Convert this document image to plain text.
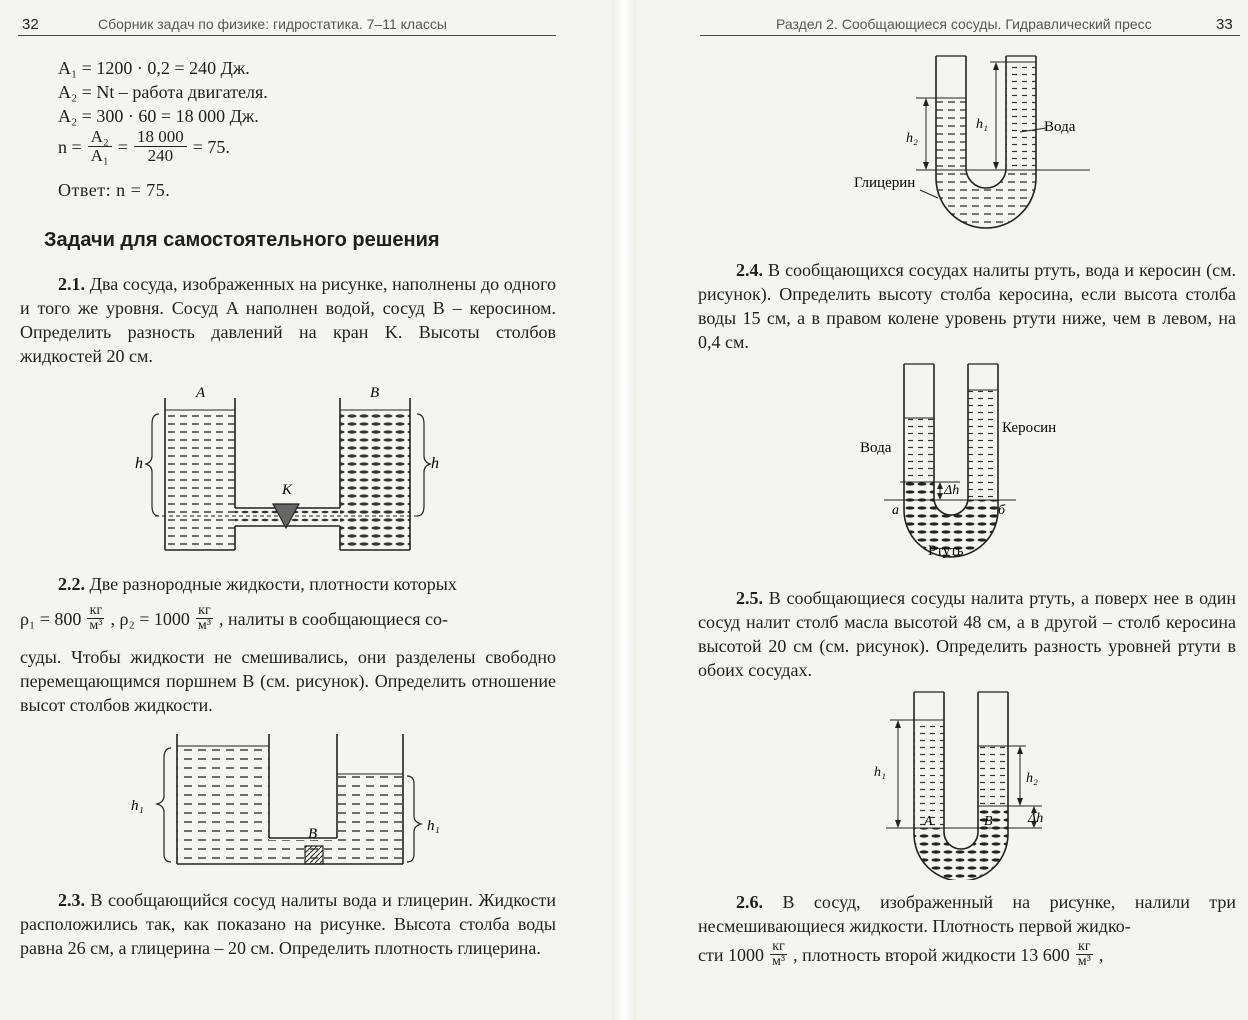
32	Сборник задач по физике: гидростатика. 7–11 классы
A₁ = 1200 · 0,2 = 240 Дж.
A₂ = Nt – работа двигателя.
A₂ = 300 · 60 = 18 000 Дж.
$n = \frac{\text{A₂}}{\text{A₁}} = \frac{18 000}{240} = 75$.
Ответ: n = 75.
Задачи для самостоятельного решения
2.1. Два сосуда, изображенных на рисунке, наполнены до одного и того же уровня. Сосуд A наполнен водой, сосуд B – керосином. Определить разность давлений на кран K. Высоты столбов жидкостей 20 см.
A	B
K
h	h
2.2. Две разнородные жидкости, плотности которых
ρ₁ = 800 кг
м³ , ρ₂ = 1000 кг
м³ , налиты в сообщающиеся со-
суды. Чтобы жидкости не смешивались, они разделены свободно перемещающимся поршнем B (см. рисунок). Определить отношение высот столбов жидкости.
h₁
h₁
B
2.3. В сообщающийся сосуд налиты вода и глицерин. Жидкости расположились так, как показано на рисунке. Высота столба воды равна 26 см, а глицерина – 20 см. Определить плотность глицерина.
Раздел 2. Сообщающиеся сосуды. Гидравлический пресс	33
h₂
h₁	Вода
Глицерин
2.4. В сообщающихся сосудах налиты ртуть, вода и керосин (см. рисунок). Определить высоту столба керосина, если высота столба воды 15 см, а в правом колене уровень ртути ниже, чем в левом, на 0,4 см.
Вода
Керосин
Δh
а	б
Ртуть
2.5. В сообщающиеся сосуды налита ртуть, а поверх нее в один сосуд налит столб масла высотой 48 см, а в другой – столб керосина высотой 20 см (см. рисунок). Определить разность уровней ртути в обоих сосудах.
h₁	h₂
Δh
A	B
2.6. В сосуд, изображенный на рисунке, налили три несмешивающиеся жидкости. Плотность первой жидко-
сти 1000 кг
м³ , плотность второй жидкости 13 600 кг
м³ ,
